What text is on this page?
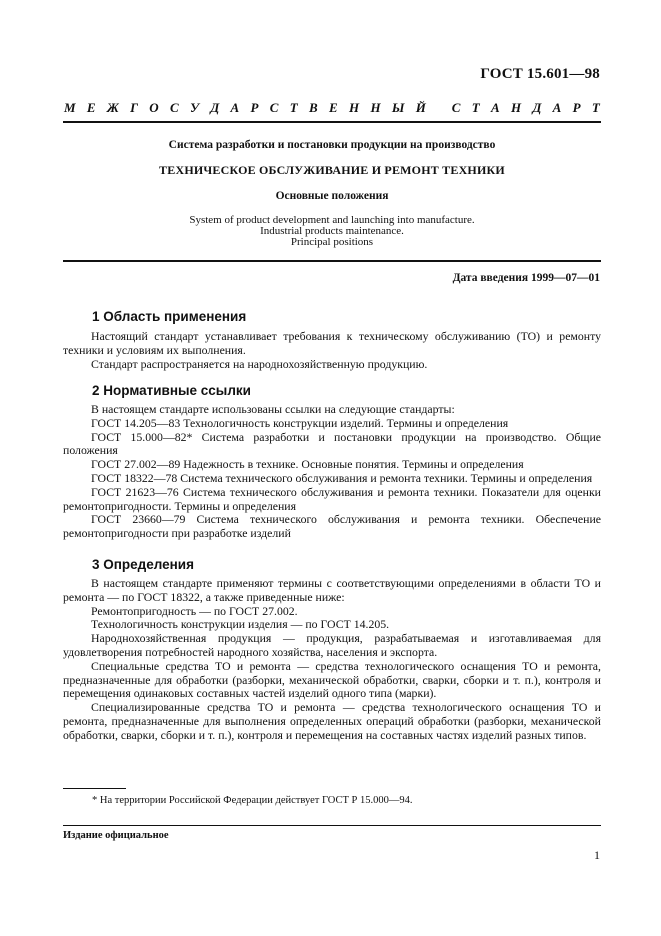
ГОСТ 15.601—98
М Е Ж Г О С У Д А Р С Т В Е Н Н Ы Й
С Т А Н Д А Р Т
Система разработки и постановки продукции на производство
ТЕХНИЧЕСКОЕ ОБСЛУЖИВАНИЕ И РЕМОНТ ТЕХНИКИ
Основные положения
System of product development and launching into manufacture.
Industrial products maintenance.
Principal positions
Дата введения 1999—07—01
1 Область применения

Настоящий стандарт устанавливает требования к техническому обслуживанию (ТО) и ремонту техники и условиям их выполнения.

Стандарт распространяется на народнохозяйственную продукцию.

2 Нормативные ссылки

В настоящем стандарте использованы ссылки на следующие стандарты:

ГОСТ 14.205—83 Технологичность конструкции изделий. Термины и определения

ГОСТ 15.000—82* Система разработки и постановки продукции на производство. Общие положения

ГОСТ 27.002—89 Надежность в технике. Основные понятия. Термины и определения

ГОСТ 18322—78 Система технического обслуживания и ремонта техники. Термины и определения

ГОСТ 21623—76 Система технического обслуживания и ремонта техники. Показатели для оценки ремонтопригодности. Термины и определения

ГОСТ 23660—79 Система технического обслуживания и ремонта техники. Обеспечение ремонтопригодности при разработке изделий

3 Определения

В настоящем стандарте применяют термины с соответствующими определениями в области ТО и ремонта — по ГОСТ 18322, а также приведенные ниже:

Ремонтопригодность — по ГОСТ 27.002.

Технологичность конструкции изделия — по ГОСТ 14.205.

Народнохозяйственная продукция — продукция, разрабатываемая и изготавливаемая для удовлетворения потребностей народного хозяйства, населения и экспорта.

Специальные средства ТО и ремонта — средства технологического оснащения ТО и ремонта, предназначенные для обработки (разборки, механической обработки, сварки, сборки и т. п.), контроля и перемещения одинаковых составных частей изделий одного типа (марки).

Специализированные средства ТО и ремонта — средства технологического оснащения ТО и ремонта, предназначенные для выполнения определенных операций обработки (разборки, механической обработки, сварки, сборки и т. п.), контроля и перемещения на составных частях изделий разных типов.

* На территории Российской Федерации действует ГОСТ Р 15.000—94.
Издание официальное
1
